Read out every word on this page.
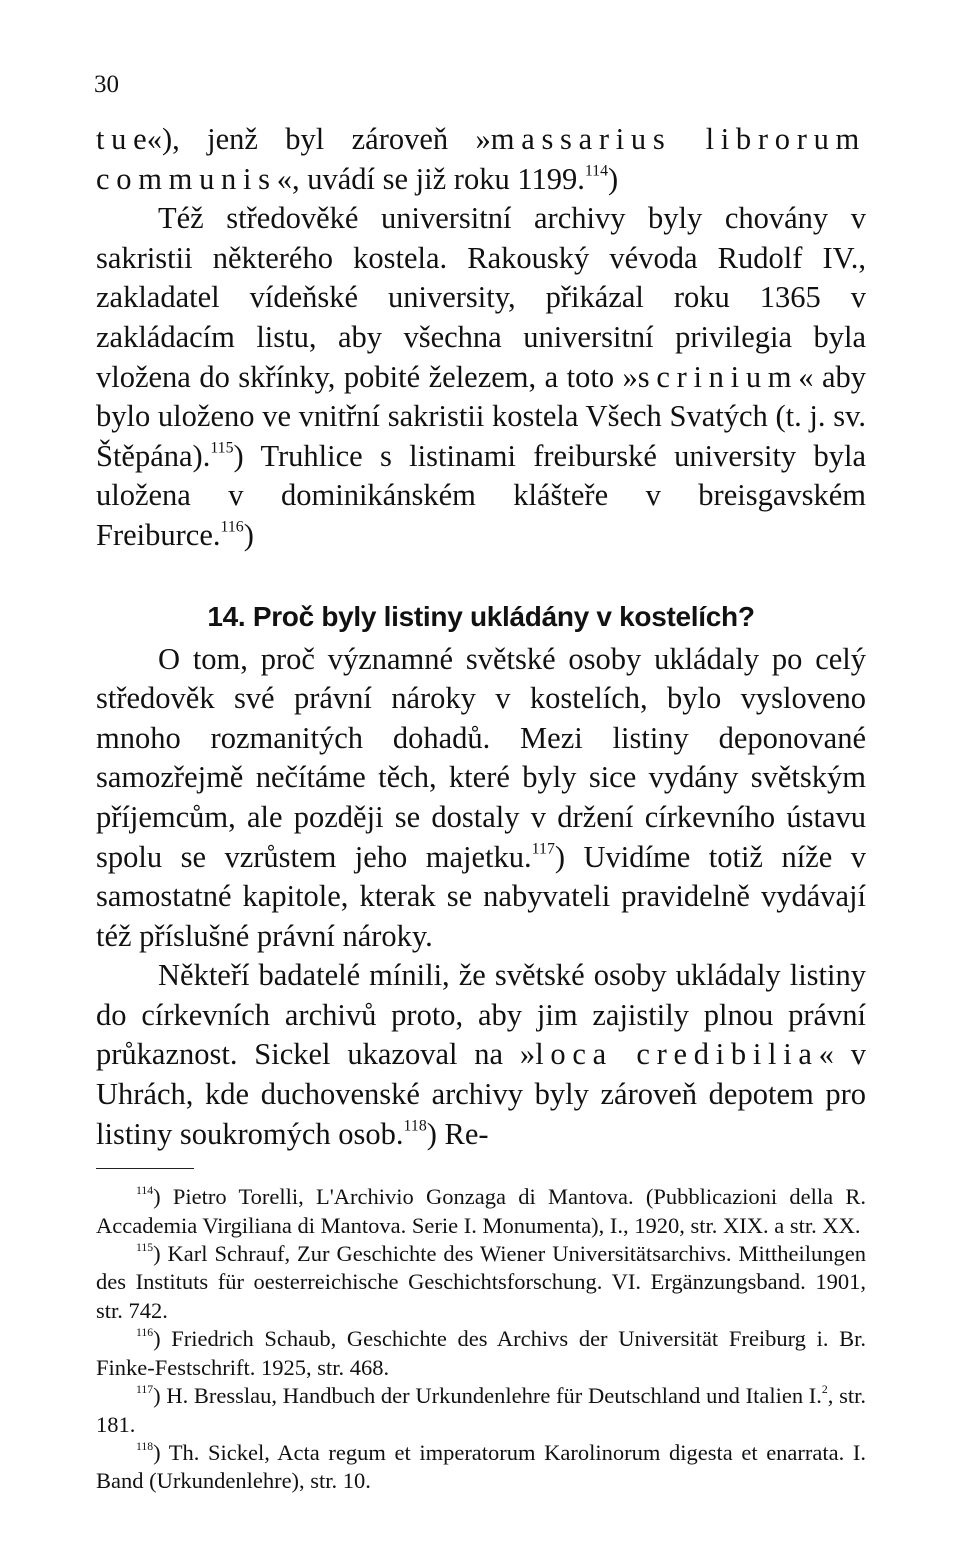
30

tue«), jenž byl zároveň »massarius librorum communis«, uvádí se již roku 1199.$^{114}$)

Též středověké universitní archivy byly chovány v sakristii některého kostela. Rakouský vévoda Rudolf IV., zakladatel vídeňské university, přikázal roku 1365 v zakládacím listu, aby všechna universitní privilegia byla vložena do skřínky, pobité železem, a toto »scrinium« aby bylo uloženo ve vnitřní sakristii kostela Všech Svatých (t. j. sv. Štěpána).$^{115}$) Truhlice s listinami freiburské university byla uložena v dominikánském klášteře v breisgavském Freiburce.$^{116}$)

14. Proč byly listiny ukládány v kostelích?

O tom, proč významné světské osoby ukládaly po celý středověk své právní nároky v kostelích, bylo vysloveno mnoho rozmanitých dohadů. Mezi listiny deponované samozřejmě nečítáme těch, které byly sice vydány světským příjemcům, ale později se dostaly v držení církevního ústavu spolu se vzrůstem jeho majetku.$^{117}$) Uvidíme totiž níže v samostatné kapitole, kterak se nabyvateli pravidelně vydávají též příslušné právní nároky.

Někteří badatelé mínili, že světské osoby ukládaly listiny do církevních archivů proto, aby jim zajistily plnou právní průkaznost. Sickel ukazoval na »loca credibilia« v Uhrách, kde duchovenské archivy byly zároveň depotem pro listiny soukromých osob.$^{118}$) Re-

$^{114}$) Pietro Torelli, L'Archivio Gonzaga di Mantova. (Pubblicazioni della R. Accademia Virgiliana di Mantova. Serie I. Monumenta), I., 1920, str. XIX. a str. XX.

$^{115}$) Karl Schrauf, Zur Geschichte des Wiener Universitätsarchivs. Mittheilungen des Instituts für oesterreichische Geschichtsforschung. VI. Ergänzungsband. 1901, str. 742.

$^{116}$) Friedrich Schaub, Geschichte des Archivs der Universität Freiburg i. Br. Finke-Festschrift. 1925, str. 468.

$^{117}$) H. Bresslau, Handbuch der Urkundenlehre für Deutschland und Italien I.$^2$, str. 181.

$^{118}$) Th. Sickel, Acta regum et imperatorum Karolinorum digesta et enarrata. I. Band (Urkundenlehre), str. 10.
